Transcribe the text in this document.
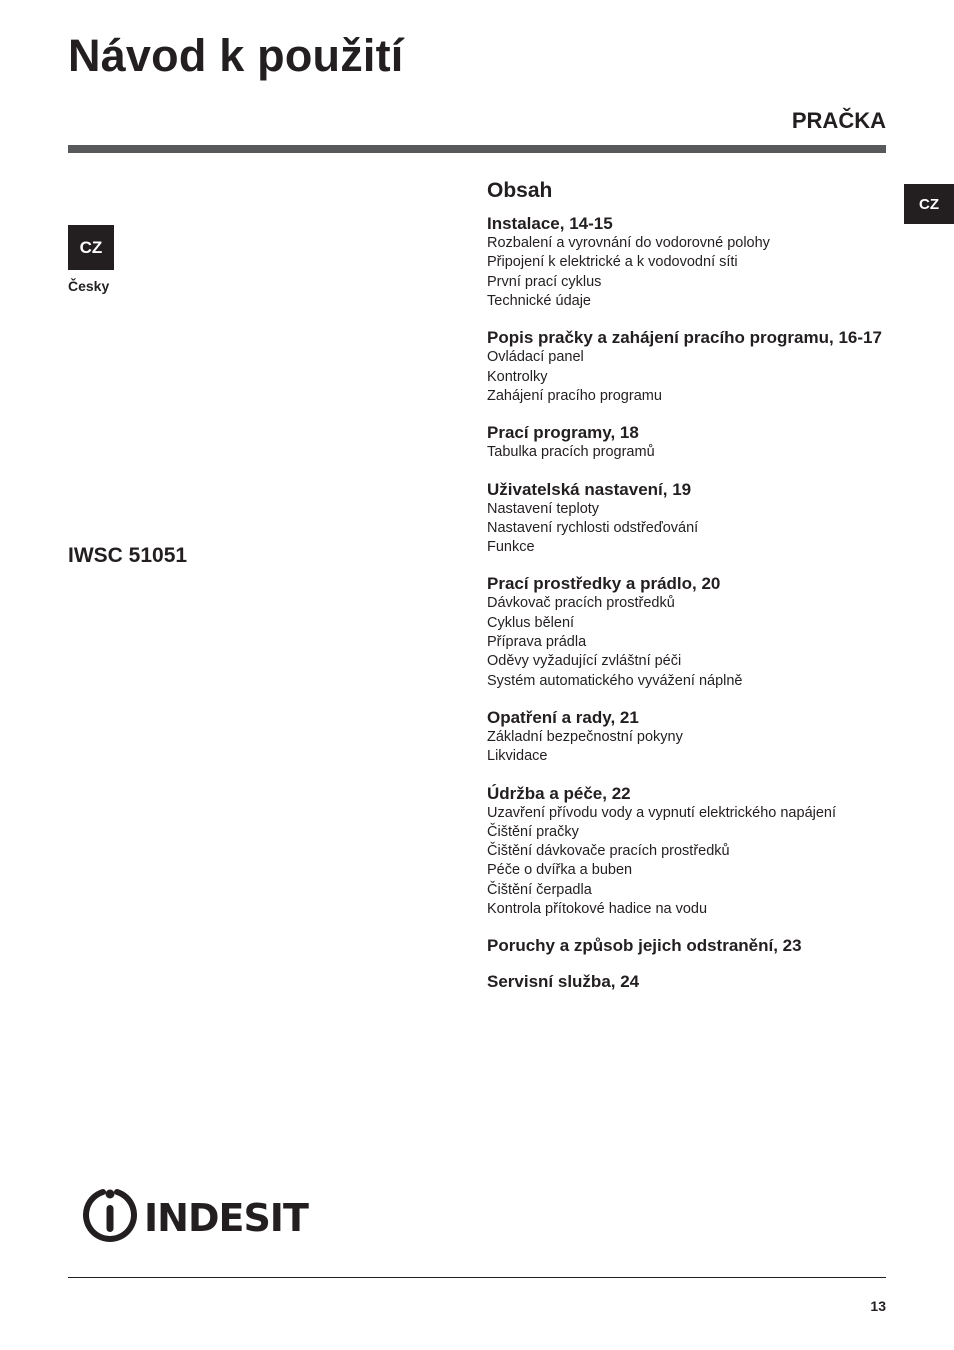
Návod k použití
PRAČKA
CZ
Česky
CZ
IWSC 51051
Obsah
Instalace, 14-15
Rozbalení a vyrovnání do vodorovné polohy
Připojení k elektrické a k vodovodní síti
První prací cyklus
Technické údaje
Popis pračky a zahájení pracího programu, 16-17
Ovládací panel
Kontrolky
Zahájení pracího programu
Prací programy, 18
Tabulka pracích programů
Uživatelská nastavení, 19
Nastavení teploty
Nastavení rychlosti odstřeďování
Funkce
Prací prostředky a prádlo, 20
Dávkovač pracích prostředků
Cyklus bělení
Příprava prádla
Oděvy vyžadující zvláštní péči
Systém automatického vyvážení náplně
Opatření a rady, 21
Základní bezpečnostní pokyny
Likvidace
Údržba a péče, 22
Uzavření přívodu vody a vypnutí elektrického napájení
Čištění pračky
Čištění dávkovače pracích prostředků
Péče o dvířka a buben
Čištění čerpadla
Kontrola přítokové hadice na vodu
Poruchy a způsob jejich odstranění, 23
Servisní služba, 24
INDESIT
13
